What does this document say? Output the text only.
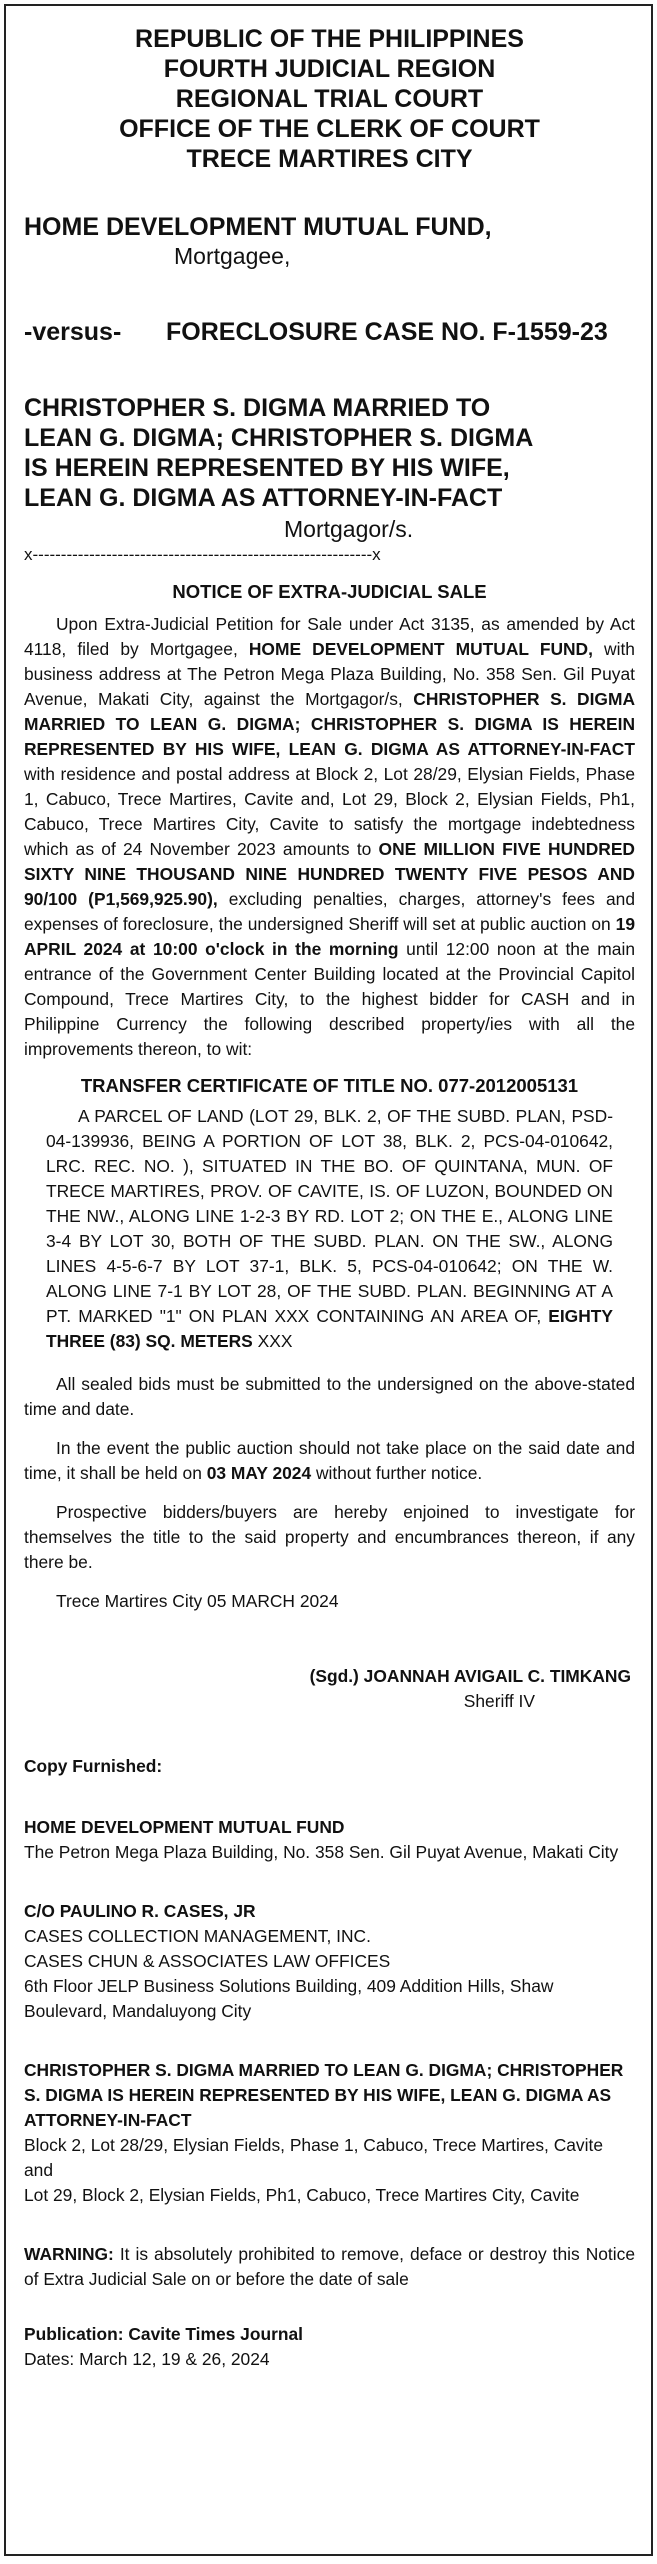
REPUBLIC OF THE PHILIPPINES
FOURTH JUDICIAL REGION
REGIONAL TRIAL COURT
OFFICE OF THE CLERK OF COURT
TRECE MARTIRES CITY
HOME DEVELOPMENT MUTUAL FUND,
Mortgagee,
-versus-	FORECLOSURE CASE NO. F-1559-23
CHRISTOPHER S. DIGMA MARRIED TO
LEAN G. DIGMA; CHRISTOPHER S. DIGMA
IS HEREIN REPRESENTED BY HIS WIFE,
LEAN G. DIGMA AS ATTORNEY-IN-FACT
Mortgagor/s.
x------------------------------------------------------------x
NOTICE OF EXTRA-JUDICIAL SALE

Upon Extra-Judicial Petition for Sale under Act 3135, as amended by Act 4118, filed by Mortgagee, HOME DEVELOPMENT MUTUAL FUND, with business address at The Petron Mega Plaza Building, No. 358 Sen. Gil Puyat Avenue, Makati City, against the Mortgagor/s, CHRISTOPHER S. DIGMA MARRIED TO LEAN G. DIGMA; CHRISTOPHER S. DIGMA IS HEREIN REPRESENTED BY HIS WIFE, LEAN G. DIGMA AS ATTORNEY-IN-FACT with residence and postal address at Block 2, Lot 28/29, Elysian Fields, Phase 1, Cabuco, Trece Martires, Cavite and, Lot 29, Block 2, Elysian Fields, Ph1, Cabuco, Trece Martires City, Cavite to satisfy the mortgage indebtedness which as of 24 November 2023 amounts to ONE MILLION FIVE HUNDRED SIXTY NINE THOUSAND NINE HUNDRED TWENTY FIVE PESOS AND 90/100 (P1,569,925.90), excluding penalties, charges, attorney's fees and expenses of foreclosure, the undersigned Sheriff will set at public auction on 19 APRIL 2024 at 10:00 o'clock in the morning until 12:00 noon at the main entrance of the Government Center Building located at the Provincial Capitol Compound, Trece Martires City, to the highest bidder for CASH and in Philippine Currency the following described property/ies with all the improvements thereon, to wit:

TRANSFER CERTIFICATE OF TITLE NO. 077-2012005131

A PARCEL OF LAND (LOT 29, BLK. 2, OF THE SUBD. PLAN, PSD-04-139936, BEING A PORTION OF LOT 38, BLK. 2, PCS-04-010642, LRC. REC. NO. ), SITUATED IN THE BO. OF QUINTANA, MUN. OF TRECE MARTIRES, PROV. OF CAVITE, IS. OF LUZON, BOUNDED ON THE NW., ALONG LINE 1-2-3 BY RD. LOT 2; ON THE E., ALONG LINE 3-4 BY LOT 30, BOTH OF THE SUBD. PLAN. ON THE SW., ALONG LINES 4-5-6-7 BY LOT 37-1, BLK. 5, PCS-04-010642; ON THE W. ALONG LINE 7-1 BY LOT 28, OF THE SUBD. PLAN. BEGINNING AT A PT. MARKED "1" ON PLAN XXX CONTAINING AN AREA OF, EIGHTY THREE (83) SQ. METERS XXX

All sealed bids must be submitted to the undersigned on the above-stated time and date.

In the event the public auction should not take place on the said date and time, it shall be held on 03 MAY 2024 without further notice.

Prospective bidders/buyers are hereby enjoined to investigate for themselves the title to the said property and encumbrances thereon, if any there be.

Trece Martires City 05 MARCH 2024

(Sgd.) JOANNAH AVIGAIL C. TIMKANG
Sheriff IV
Copy Furnished:
HOME DEVELOPMENT MUTUAL FUND
The Petron Mega Plaza Building, No. 358 Sen. Gil Puyat Avenue, Makati City
C/O PAULINO R. CASES, JR
CASES COLLECTION MANAGEMENT, INC.
CASES CHUN & ASSOCIATES LAW OFFICES
6th Floor JELP Business Solutions Building, 409 Addition Hills, Shaw Boulevard, Mandaluyong City
CHRISTOPHER S. DIGMA MARRIED TO LEAN G. DIGMA; CHRISTOPHER S. DIGMA IS HEREIN REPRESENTED BY HIS WIFE, LEAN G. DIGMA AS ATTORNEY-IN-FACT
Block 2, Lot 28/29, Elysian Fields, Phase 1, Cabuco, Trece Martires, Cavite and
Lot 29, Block 2, Elysian Fields, Ph1, Cabuco, Trece Martires City, Cavite

WARNING: It is absolutely prohibited to remove, deface or destroy this Notice of Extra Judicial Sale on or before the date of sale

Publication: Cavite Times Journal
Dates: March 12, 19 & 26, 2024
